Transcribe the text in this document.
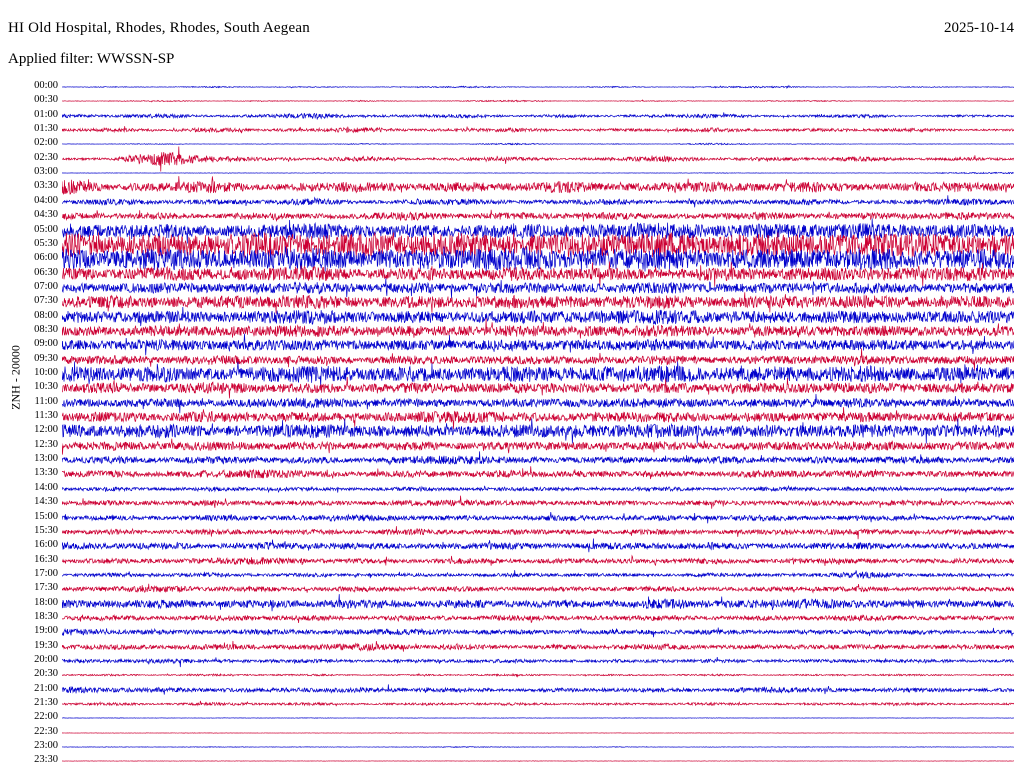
HI Old Hospital, Rhodes, Rhodes, South Aegean	2025-10-14
Applied filter: WWSSN-SP
ZNH - 20000
00:00
00:30
01:00
01:30
02:00
02:30
03:00
03:30
04:00
04:30
05:00
05:30
06:00
06:30
07:00
07:30
08:00
08:30
09:00
09:30
10:00
10:30
11:00
11:30
12:00
12:30
13:00
13:30
14:00
14:30
15:00
15:30
16:00
16:30
17:00
17:30
18:00
18:30
19:00
19:30
20:00
20:30
21:00
21:30
22:00
22:30
23:00
23:30
